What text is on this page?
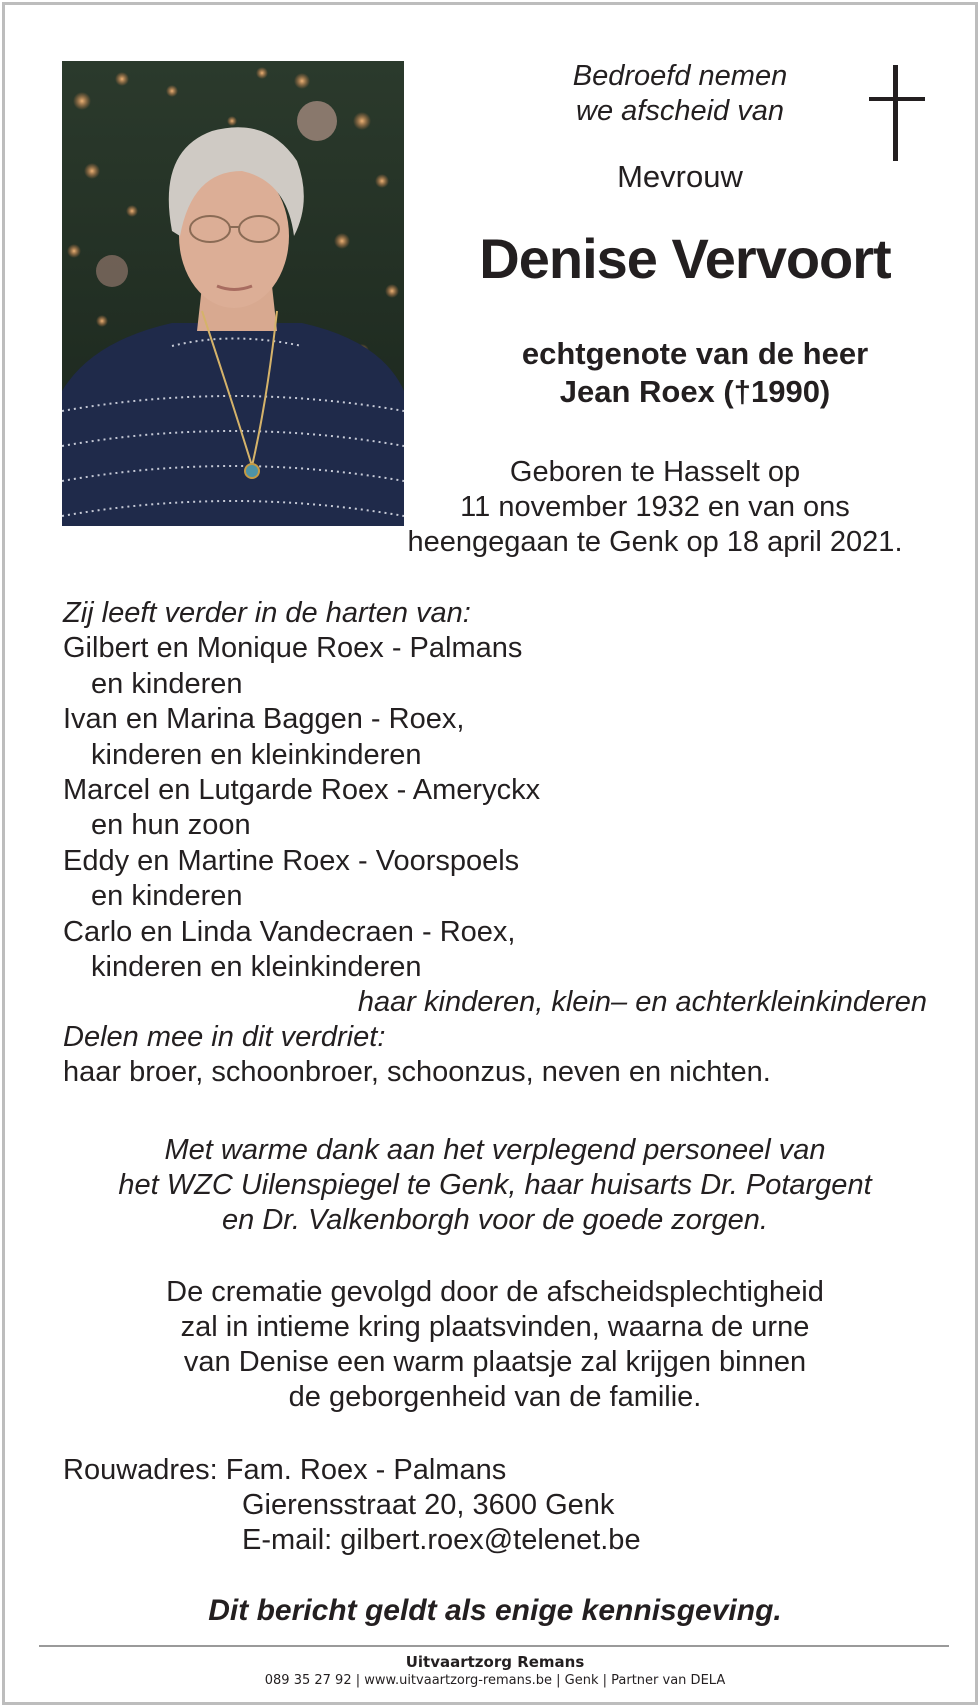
Bedroefd nemen
we afscheid van
Mevrouw
Denise Vervoort
echtgenote van de heer
Jean Roex (†1990)
Geboren te Hasselt op
11 november 1932 en van ons
heengegaan te Genk op 18 april 2021.
Zij leeft verder in de harten van:
Gilbert en Monique Roex - Palmans
en kinderen
Ivan en Marina Baggen - Roex,
kinderen en kleinkinderen
Marcel en Lutgarde Roex - Ameryckx
en hun zoon
Eddy en Martine Roex - Voorspoels
en kinderen
Carlo en Linda Vandecraen - Roex,
kinderen en kleinkinderen
haar kinderen, klein– en achterkleinkinderen
Delen mee in dit verdriet:
haar broer, schoonbroer, schoonzus, neven en nichten.
Met warme dank aan het verplegend personeel van
het WZC Uilenspiegel te Genk, haar huisarts Dr. Potargent
en Dr. Valkenborgh voor de goede zorgen.
De crematie gevolgd door de afscheidsplechtigheid
zal in intieme kring plaatsvinden, waarna de urne
van Denise een warm plaatsje zal krijgen binnen
de geborgenheid van de familie.
Rouwadres: Fam. Roex - Palmans
Gierensstraat 20, 3600 Genk
E-mail: gilbert.roex@telenet.be
Dit bericht geldt als enige kennisgeving.
Uitvaartzorg Remans
089 35 27 92 | www.uitvaartzorg-remans.be | Genk | Partner van DELA
